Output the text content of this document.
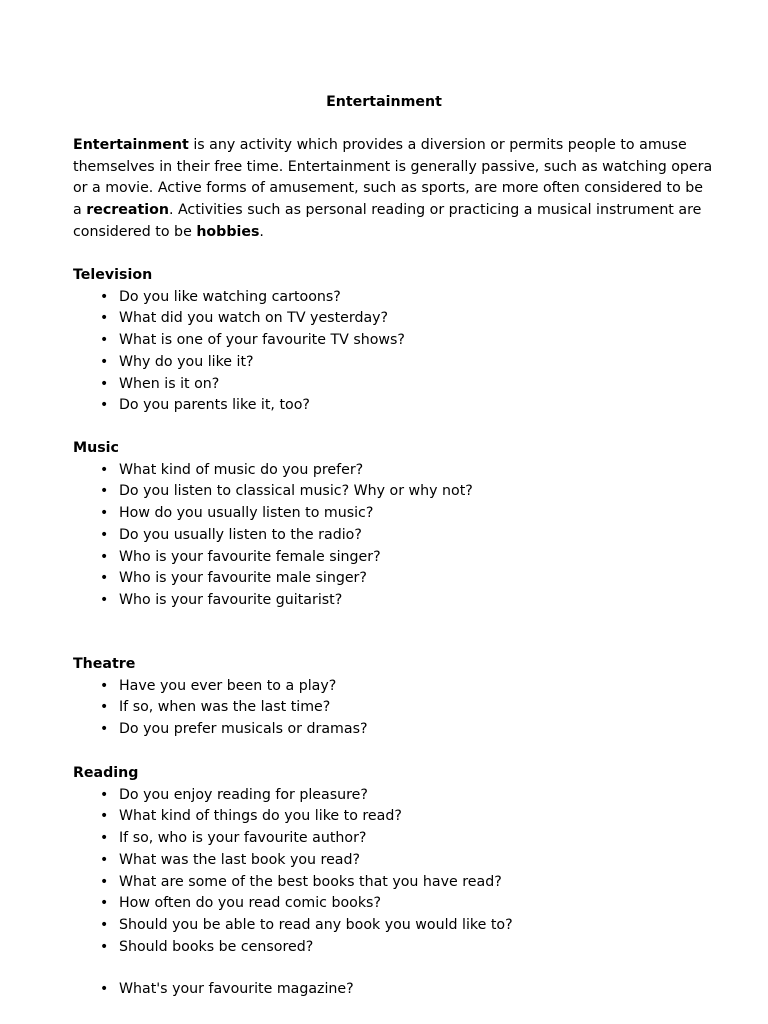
Entertainment

Entertainment is any activity which provides a diversion or permits people to amuse themselves in their free time. Entertainment is generally passive, such as watching opera or a movie. Active forms of amusement, such as sports, are more often considered to be a recreation. Activities such as personal reading or practicing a musical instrument are considered to be hobbies.

Television
• Do you like watching cartoons?
• What did you watch on TV yesterday?
• What is one of your favourite TV shows?
• Why do you like it?
• When is it on?
• Do you parents like it, too?
Music
• What kind of music do you prefer?
• Do you listen to classical music? Why or why not?
• How do you usually listen to music?
• Do you usually listen to the radio?
• Who is your favourite female singer?
• Who is your favourite male singer?
• Who is your favourite guitarist?
Theatre
• Have you ever been to a play?
• If so, when was the last time?
• Do you prefer musicals or dramas?
Reading
• Do you enjoy reading for pleasure?
• What kind of things do you like to read?
• If so, who is your favourite author?
• What was the last book you read?
• What are some of the best books that you have read?
• How often do you read comic books?
• Should you be able to read any book you would like to?
• Should books be censored?
• What's your favourite magazine?
